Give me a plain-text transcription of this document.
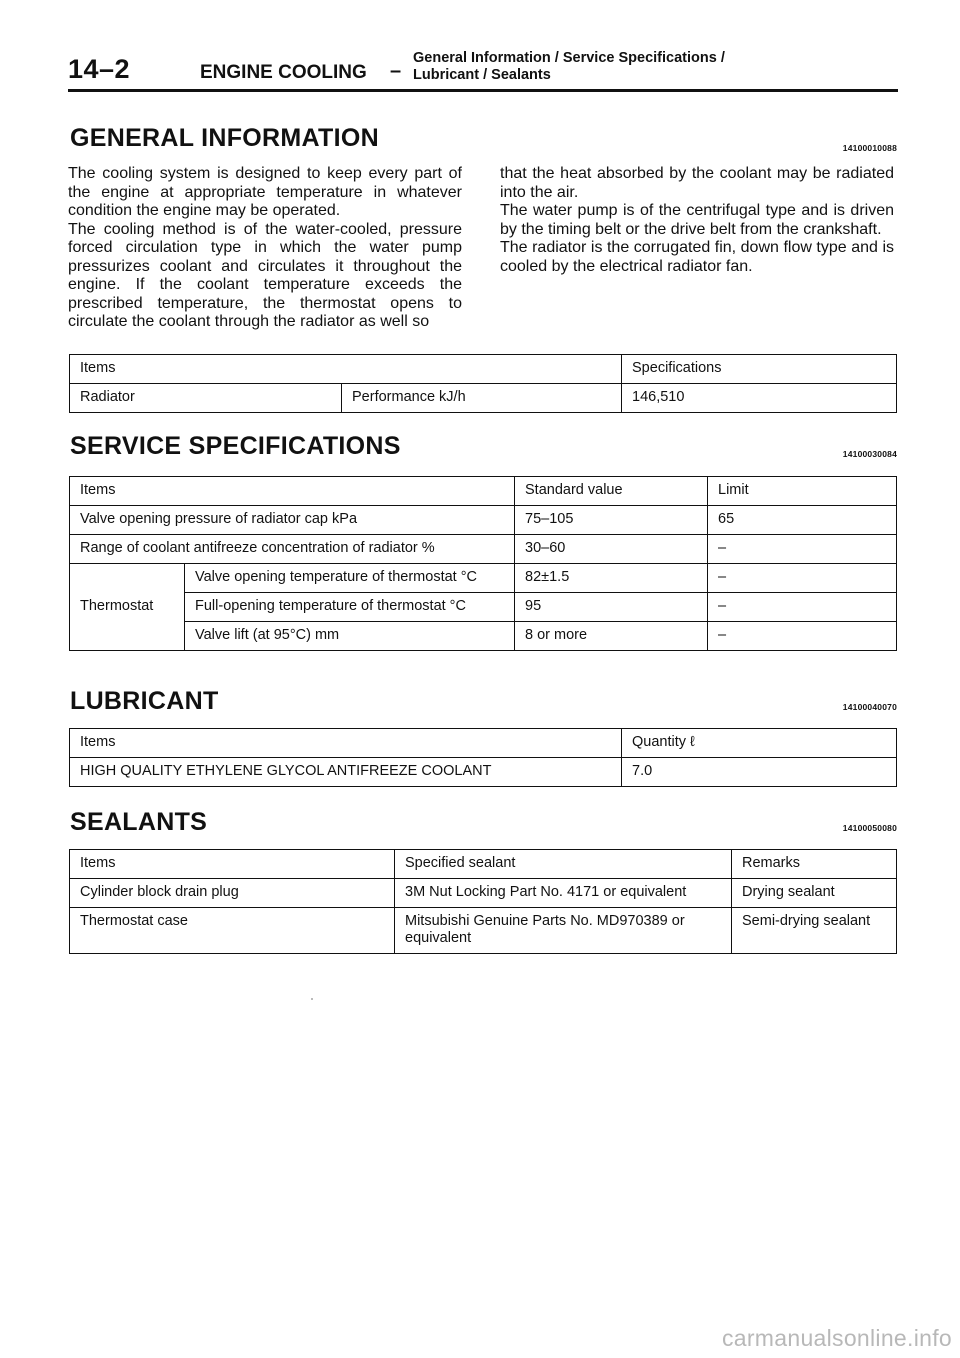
14–2	ENGINE COOLING –
General Information / Service Specifications /
Lubricant / Sealants
GENERAL INFORMATION	14100010088

The cooling system is designed to keep every part of the engine at appropriate temperature in whatever condition the engine may be operated.

The cooling method is of the water-cooled, pressure forced circulation type in which the water pump pressurizes coolant and circulates it throughout the engine. If the coolant temperature exceeds the prescribed temperature, the thermostat opens to circulate the coolant through the radiator as well so

that the heat absorbed by the coolant may be radiated into the air.

The water pump is of the centrifugal type and is driven by the timing belt or the drive belt from the crankshaft.

The radiator is the corrugated fin, down flow type and is cooled by the electrical radiator fan.

Items		Specifications
Radiator	Performance kJ/h	146,510
SERVICE SPECIFICATIONS	14100030084
Items		Standard value	Limit
Valve opening pressure of radiator cap kPa		75–105	65
Range of coolant antifreeze concentration of radiator %		30–60	–
Thermostat	Valve opening temperature of thermostat °C	82±1.5	–
	Full-opening temperature of thermostat °C	95	–
	Valve lift (at 95°C) mm	8 or more	–
LUBRICANT	14100040070
Items	Quantity ℓ
HIGH QUALITY ETHYLENE GLYCOL ANTIFREEZE COOLANT	7.0
SEALANTS	14100050080
Items	Specified sealant	Remarks
Cylinder block drain plug	3M Nut Locking Part No. 4171 or equivalent	Drying sealant
Thermostat case	Mitsubishi Genuine Parts No. MD970389 or equivalent	Semi-drying sealant
carmanualsonline.info
